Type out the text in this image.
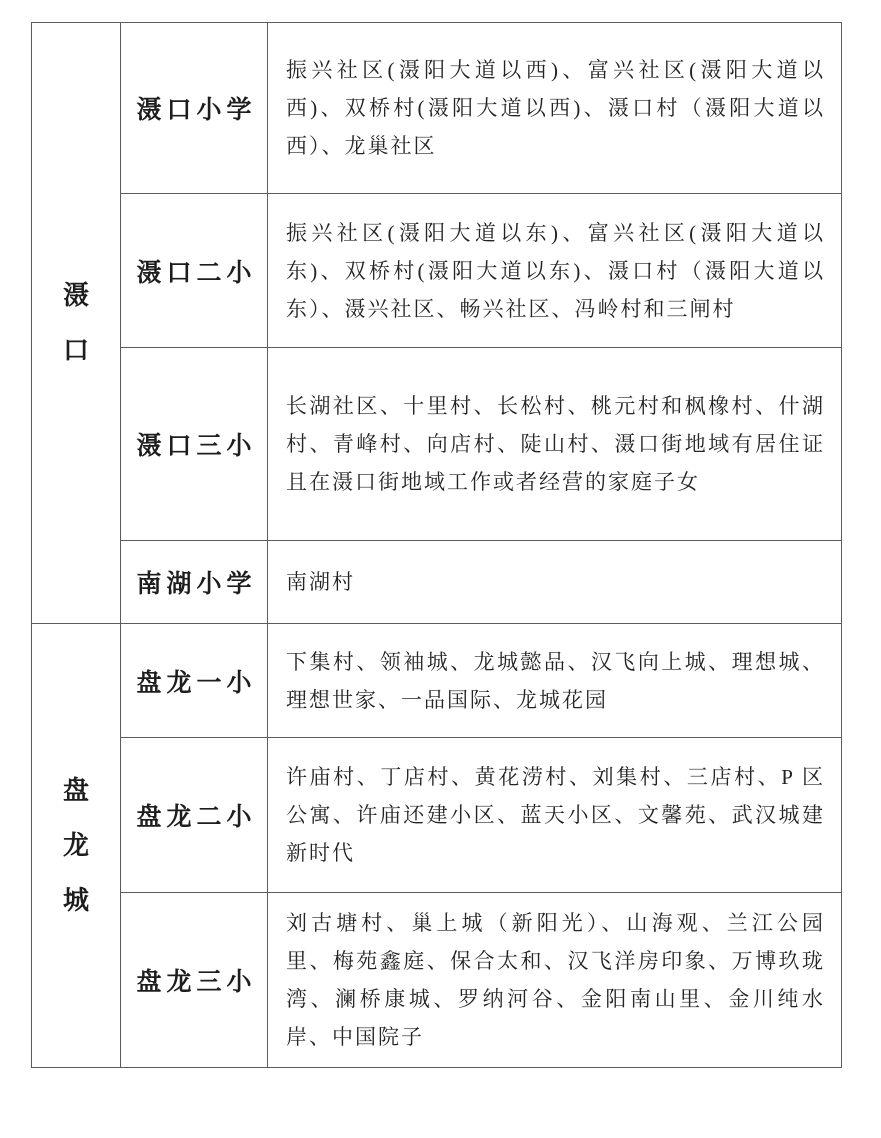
滠口	滠口小学	振兴社区(滠阳大道以西)、富兴社区(滠阳大道以西)、双桥村(滠阳大道以西)、滠口村（滠阳大道以西）、龙巢社区
	滠口二小	振兴社区(滠阳大道以东)、富兴社区(滠阳大道以东)、双桥村(滠阳大道以东)、滠口村（滠阳大道以东）、滠兴社区、畅兴社区、冯岭村和三闸村
	滠口三小	长湖社区、十里村、长松村、桃元村和枫橡村、什湖村、青峰村、向店村、陡山村、滠口街地域有居住证且在滠口街地域工作或者经营的家庭子女
	南湖小学	南湖村

盘龙城	盘龙一小	下集村、领袖城、龙城懿品、汉飞向上城、理想城、理想世家、一品国际、龙城花园
	盘龙二小	许庙村、丁店村、黄花涝村、刘集村、三店村、P 区公寓、许庙还建小区、蓝天小区、文馨苑、武汉城建新时代
	盘龙三小	刘古塘村、巢上城（新阳光）、山海观、兰江公园里、梅苑鑫庭、保合太和、汉飞洋房印象、万博玖珑湾、澜桥康城、罗纳河谷、金阳南山里、金川纯水岸、中国院子
